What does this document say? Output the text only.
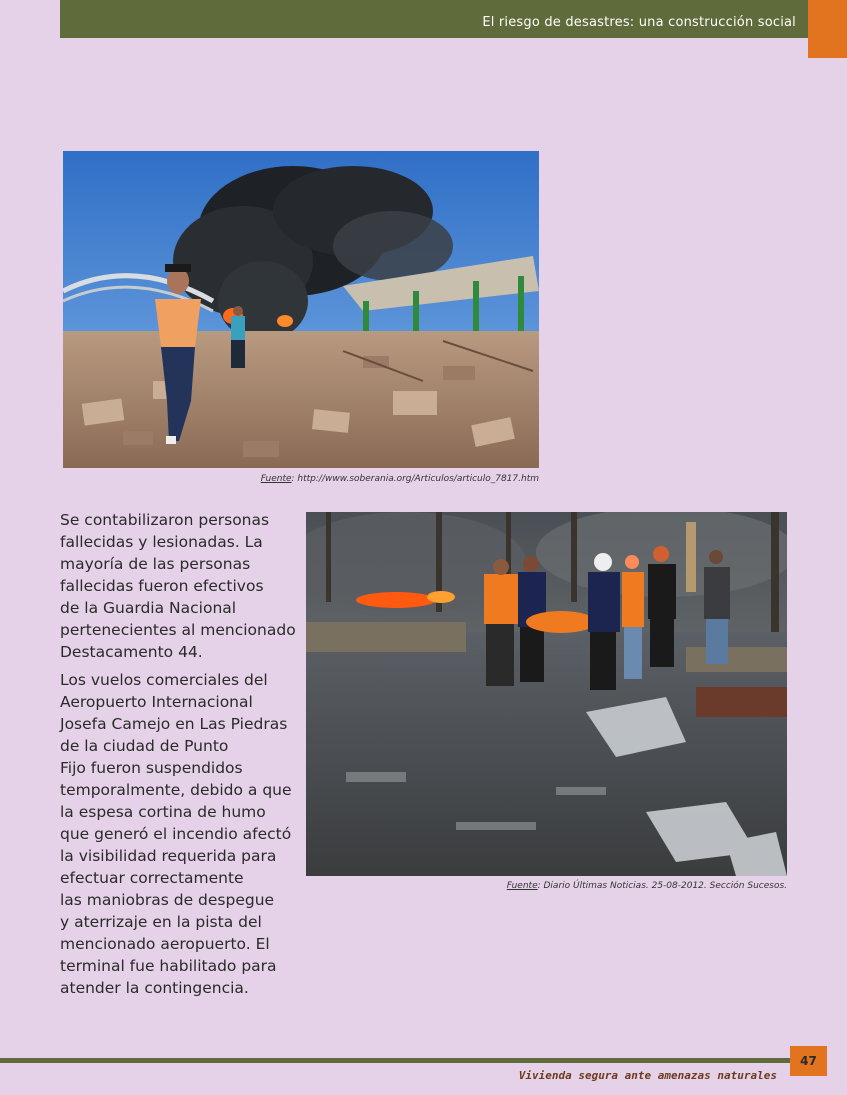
El riesgo de desastres: una construcción social
Fuente: http://www.soberania.org/Articulos/articulo_7817.htm

Se contabilizaron personas
fallecidas y lesionadas. La
mayoría de las personas
fallecidas fueron efectivos
de la Guardia Nacional
pertenecientes al mencionado
Destacamento 44.

Los vuelos comerciales del
Aeropuerto Internacional
Josefa Camejo en Las Piedras
de la ciudad de Punto
Fijo fueron suspendidos
temporalmente, debido a que
la espesa cortina de humo
que generó el incendio afectó
la visibilidad requerida para
efectuar correctamente
las maniobras de despegue
y aterrizaje en la pista del
mencionado aeropuerto. El
terminal fue habilitado para
atender la contingencia.

Fuente: Diario Últimas Noticias. 25-08-2012. Sección Sucesos.
47
Vivienda segura ante amenazas naturales
